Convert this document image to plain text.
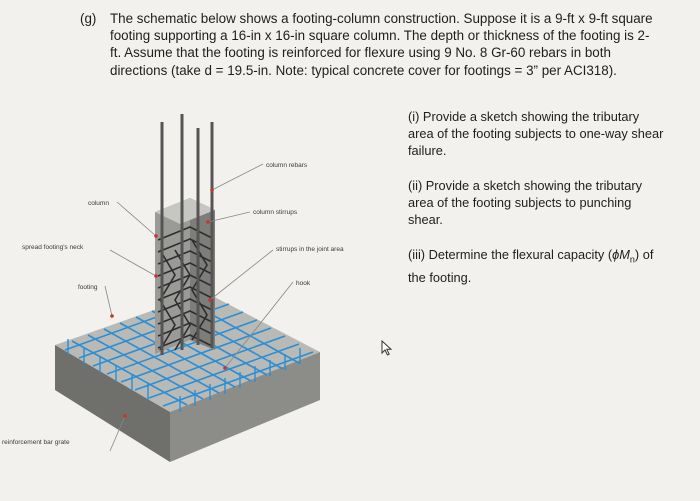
(g) The schematic below shows a footing-column construction. Suppose it is a 9-ft x 9-ft square
footing supporting a 16-in x 16-in square column. The depth or thickness of the footing is 2-
ft. Assume that the footing is reinforced for flexure using 9 No. 8 Gr-60 rebars in both
directions (take d = 19.5-in. Note: typical concrete cover for footings = 3” per ACI318).
(i) Provide a sketch showing the tributary area of the footing subjects to one-way shear failure.
(ii) Provide a sketch showing the tributary area of the footing subjects to punching shear.
(iii) Determine the flexural capacity $(\phi M_n)$ of the footing.
column rebars
column
column stirrups
spread footing's neck	stirrups in the joint area
footing
hook
reinforcement bar grate
